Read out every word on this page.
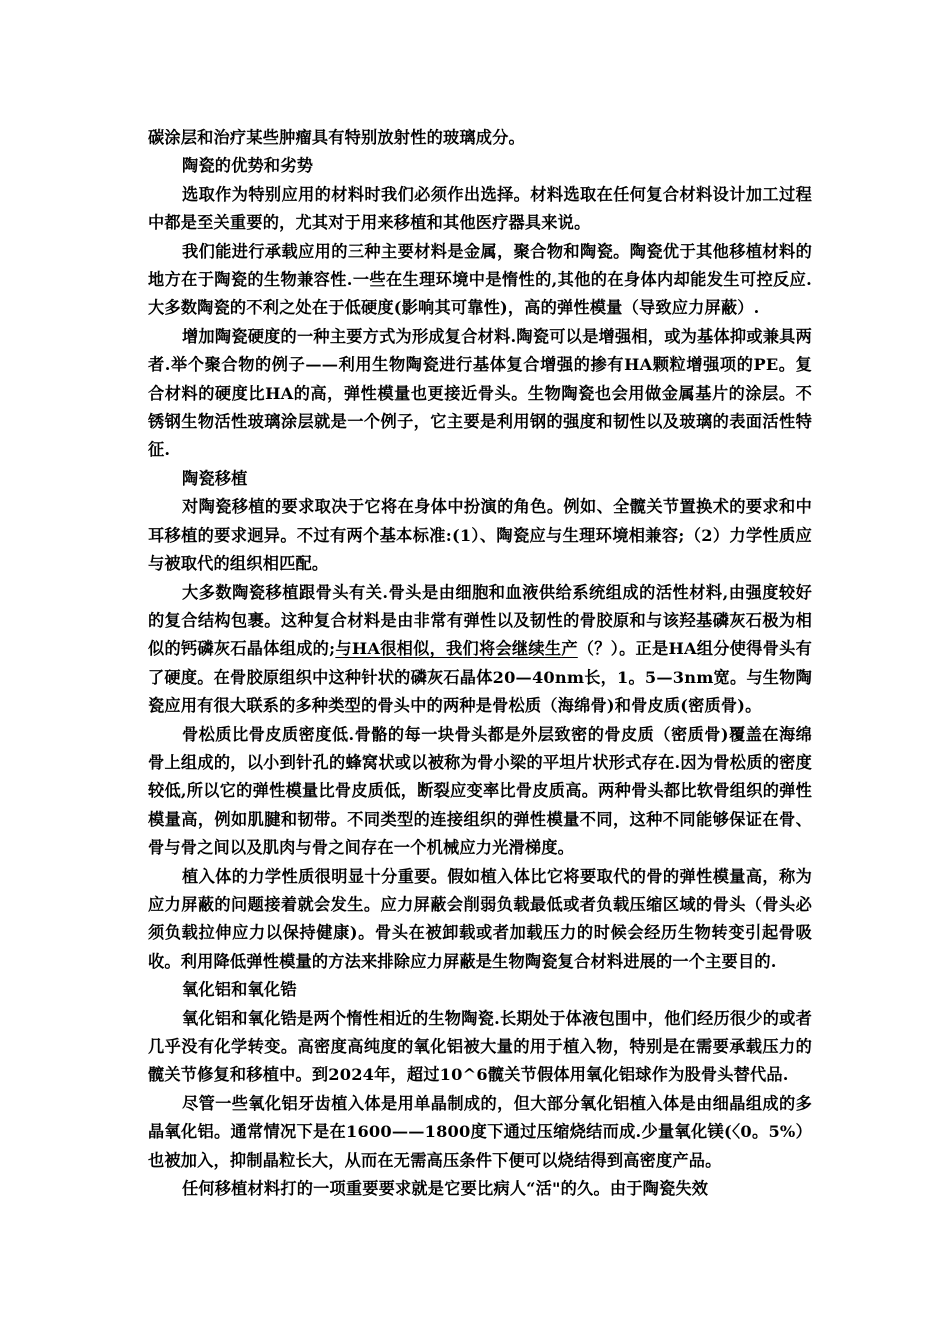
碳涂层和治疗某些肿瘤具有特别放射性的玻璃成分。

陶瓷的优势和劣势

选取作为特别应用的材料时我们必须作出选择。材料选取在任何复合材料设计加工过程中都是至关重要的，尤其对于用来移植和其他医疗器具来说。

我们能进行承载应用的三种主要材料是金属，聚合物和陶瓷。陶瓷优于其他移植材料的地方在于陶瓷的生物兼容性.一些在生理环境中是惰性的,其他的在身体内却能发生可控反应.大多数陶瓷的不利之处在于低硬度(影响其可靠性)，高的弹性模量（导致应力屏蔽）.

增加陶瓷硬度的一种主要方式为形成复合材料.陶瓷可以是增强相，或为基体抑或兼具两者.举个聚合物的例子——利用生物陶瓷进行基体复合增强的掺有HA颗粒增强项的PE。复合材料的硬度比HA的高，弹性模量也更接近骨头。生物陶瓷也会用做金属基片的涂层。不锈钢生物活性玻璃涂层就是一个例子，它主要是利用钢的强度和韧性以及玻璃的表面活性特征.

陶瓷移植

对陶瓷移植的要求取决于它将在身体中扮演的角色。例如、全髋关节置换术的要求和中耳移植的要求迥异。不过有两个基本标准:(1）、陶瓷应与生理环境相兼容;（2）力学性质应与被取代的组织相匹配。

大多数陶瓷移植跟骨头有关.骨头是由细胞和血液供给系统组成的活性材料,由强度较好的复合结构包裹。这种复合材料是由非常有弹性以及韧性的骨胶原和与该羟基磷灰石极为相似的钙磷灰石晶体组成的;与HA很相似，我们将会继续生产（？）。正是HA组分使得骨头有了硬度。在骨胶原组织中这种针状的磷灰石晶体20—40nm长，1。5—3nm宽。与生物陶瓷应用有很大联系的多种类型的骨头中的两种是骨松质（海绵骨)和骨皮质(密质骨)。

骨松质比骨皮质密度低.骨骼的每一块骨头都是外层致密的骨皮质（密质骨)覆盖在海绵骨上组成的，以小到针孔的蜂窝状或以被称为骨小梁的平坦片状形式存在.因为骨松质的密度较低,所以它的弹性模量比骨皮质低，断裂应变率比骨皮质高。两种骨头都比软骨组织的弹性模量高，例如肌腱和韧带。不同类型的连接组织的弹性模量不同，这种不同能够保证在骨、骨与骨之间以及肌肉与骨之间存在一个机械应力光滑梯度。

植入体的力学性质很明显十分重要。假如植入体比它将要取代的骨的弹性模量高，称为应力屏蔽的问题接着就会发生。应力屏蔽会削弱负载最低或者负载压缩区域的骨头（骨头必须负载拉伸应力以保持健康)。骨头在被卸载或者加载压力的时候会经历生物转变引起骨吸收。利用降低弹性模量的方法来排除应力屏蔽是生物陶瓷复合材料进展的一个主要目的.

氧化铝和氧化锆

氧化铝和氧化锆是两个惰性相近的生物陶瓷.长期处于体液包围中，他们经历很少的或者几乎没有化学转变。高密度高纯度的氧化铝被大量的用于植入物，特别是在需要承载压力的髋关节修复和移植中。到2024年，超过10^6髋关节假体用氧化铝球作为股骨头替代品.

尽管一些氧化铝牙齿植入体是用单晶制成的，但大部分氧化铝植入体是由细晶组成的多晶氧化铝。通常情况下是在1600——1800度下通过压缩烧结而成.少量氧化镁(〈0。5%）也被加入，抑制晶粒长大，从而在无需高压条件下便可以烧结得到高密度产品。

任何移植材料打的一项重要要求就是它要比病人“活"的久。由于陶瓷失效
